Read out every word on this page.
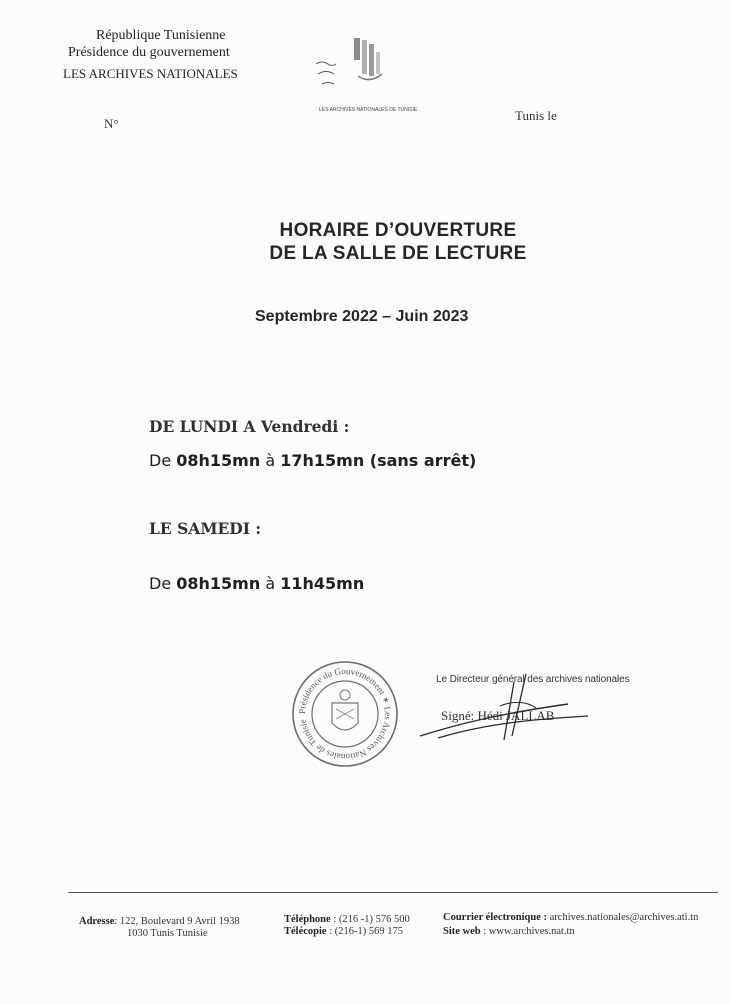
République Tunisienne
Présidence du gouvernement
LES ARCHIVES NATIONALES
N°
Tunis le
LES ARCHIVES NATIONALES DE TUNISIE
HORAIRE D’OUVERTURE
DE LA SALLE DE LECTURE
Septembre 2022 – Juin 2023
DE LUNDI A Vendredi :
De 08h15mn à 17h15mn (sans arrêt)
LE SAMEDI :
De 08h15mn à 11h45mn
Présidence du Gouvernement ✶ Les Archives Nationales de Tunisie
Le Directeur général des archives nationales
Signé: Hédi JALLAB
Adresse: 122, Boulevard 9 Avril 1938
1030 Tunis Tunisie
Téléphone : (216 -1) 576 500
Télécopie : (216-1) 569 175
Courrier électronique : archives.nationales@archives.ati.tn
Site web : www.archives.nat.tn
